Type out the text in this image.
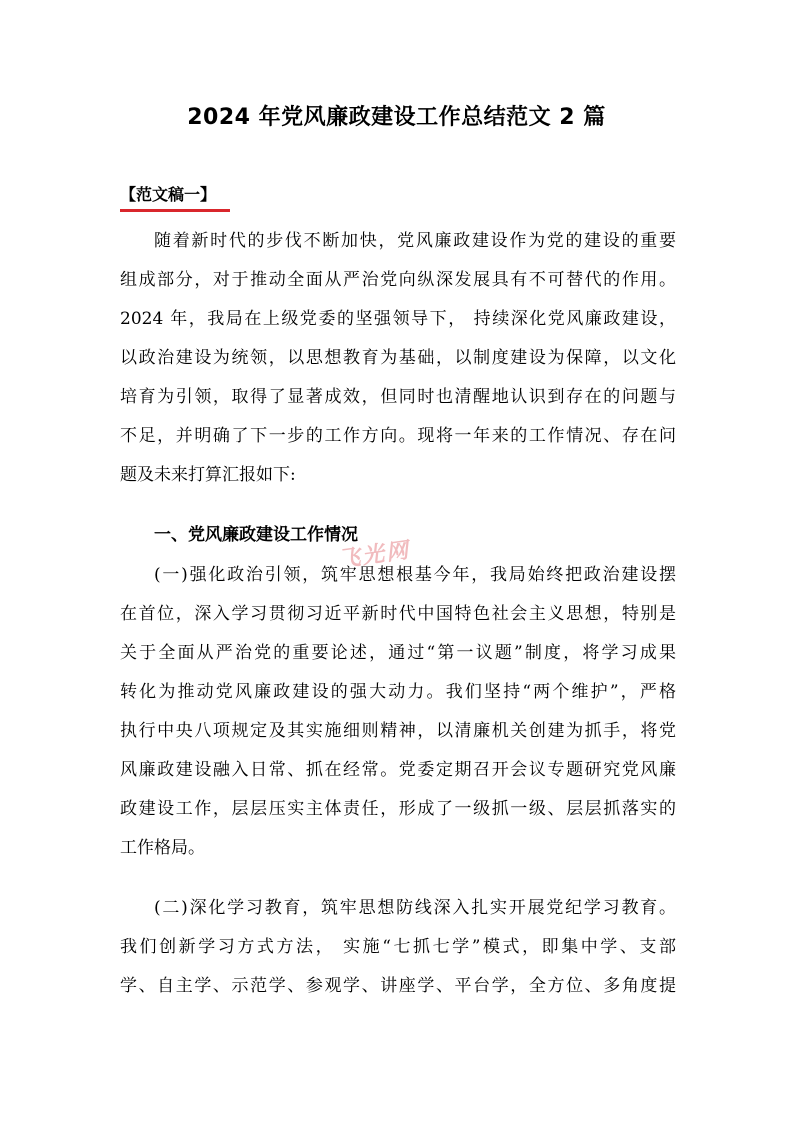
2024 年党风廉政建设工作总结范文 2 篇
【范文稿一】
随着新时代的步伐不断加快，党风廉政建设作为党的建设的重要
组成部分，对于推动全面从严治党向纵深发展具有不可替代的作用。
2024 年，我局在上级党委的坚强领导下， 持续深化党风廉政建设，
以政治建设为统领，以思想教育为基础，以制度建设为保障，以文化
培育为引领，取得了显著成效，但同时也清醒地认识到存在的问题与
不足，并明确了下一步的工作方向。现将一年来的工作情况、存在问
题及未来打算汇报如下:
一、党风廉政建设工作情况
(一)强化政治引领，筑牢思想根基今年，我局始终把政治建设摆
在首位，深入学习贯彻习近平新时代中国特色社会主义思想，特别是
关于全面从严治党的重要论述，通过“第一议题”制度，将学习成果
转化为推动党风廉政建设的强大动力。我们坚持“两个维护”，严格
执行中央八项规定及其实施细则精神，以清廉机关创建为抓手，将党
风廉政建设融入日常、抓在经常。党委定期召开会议专题研究党风廉
政建设工作，层层压实主体责任，形成了一级抓一级、层层抓落实的
工作格局。
(二)深化学习教育，筑牢思想防线深入扎实开展党纪学习教育。
我们创新学习方式方法， 实施“七抓七学”模式，即集中学、支部
学、自主学、示范学、参观学、讲座学、平台学，全方位、多角度提
飞光网
